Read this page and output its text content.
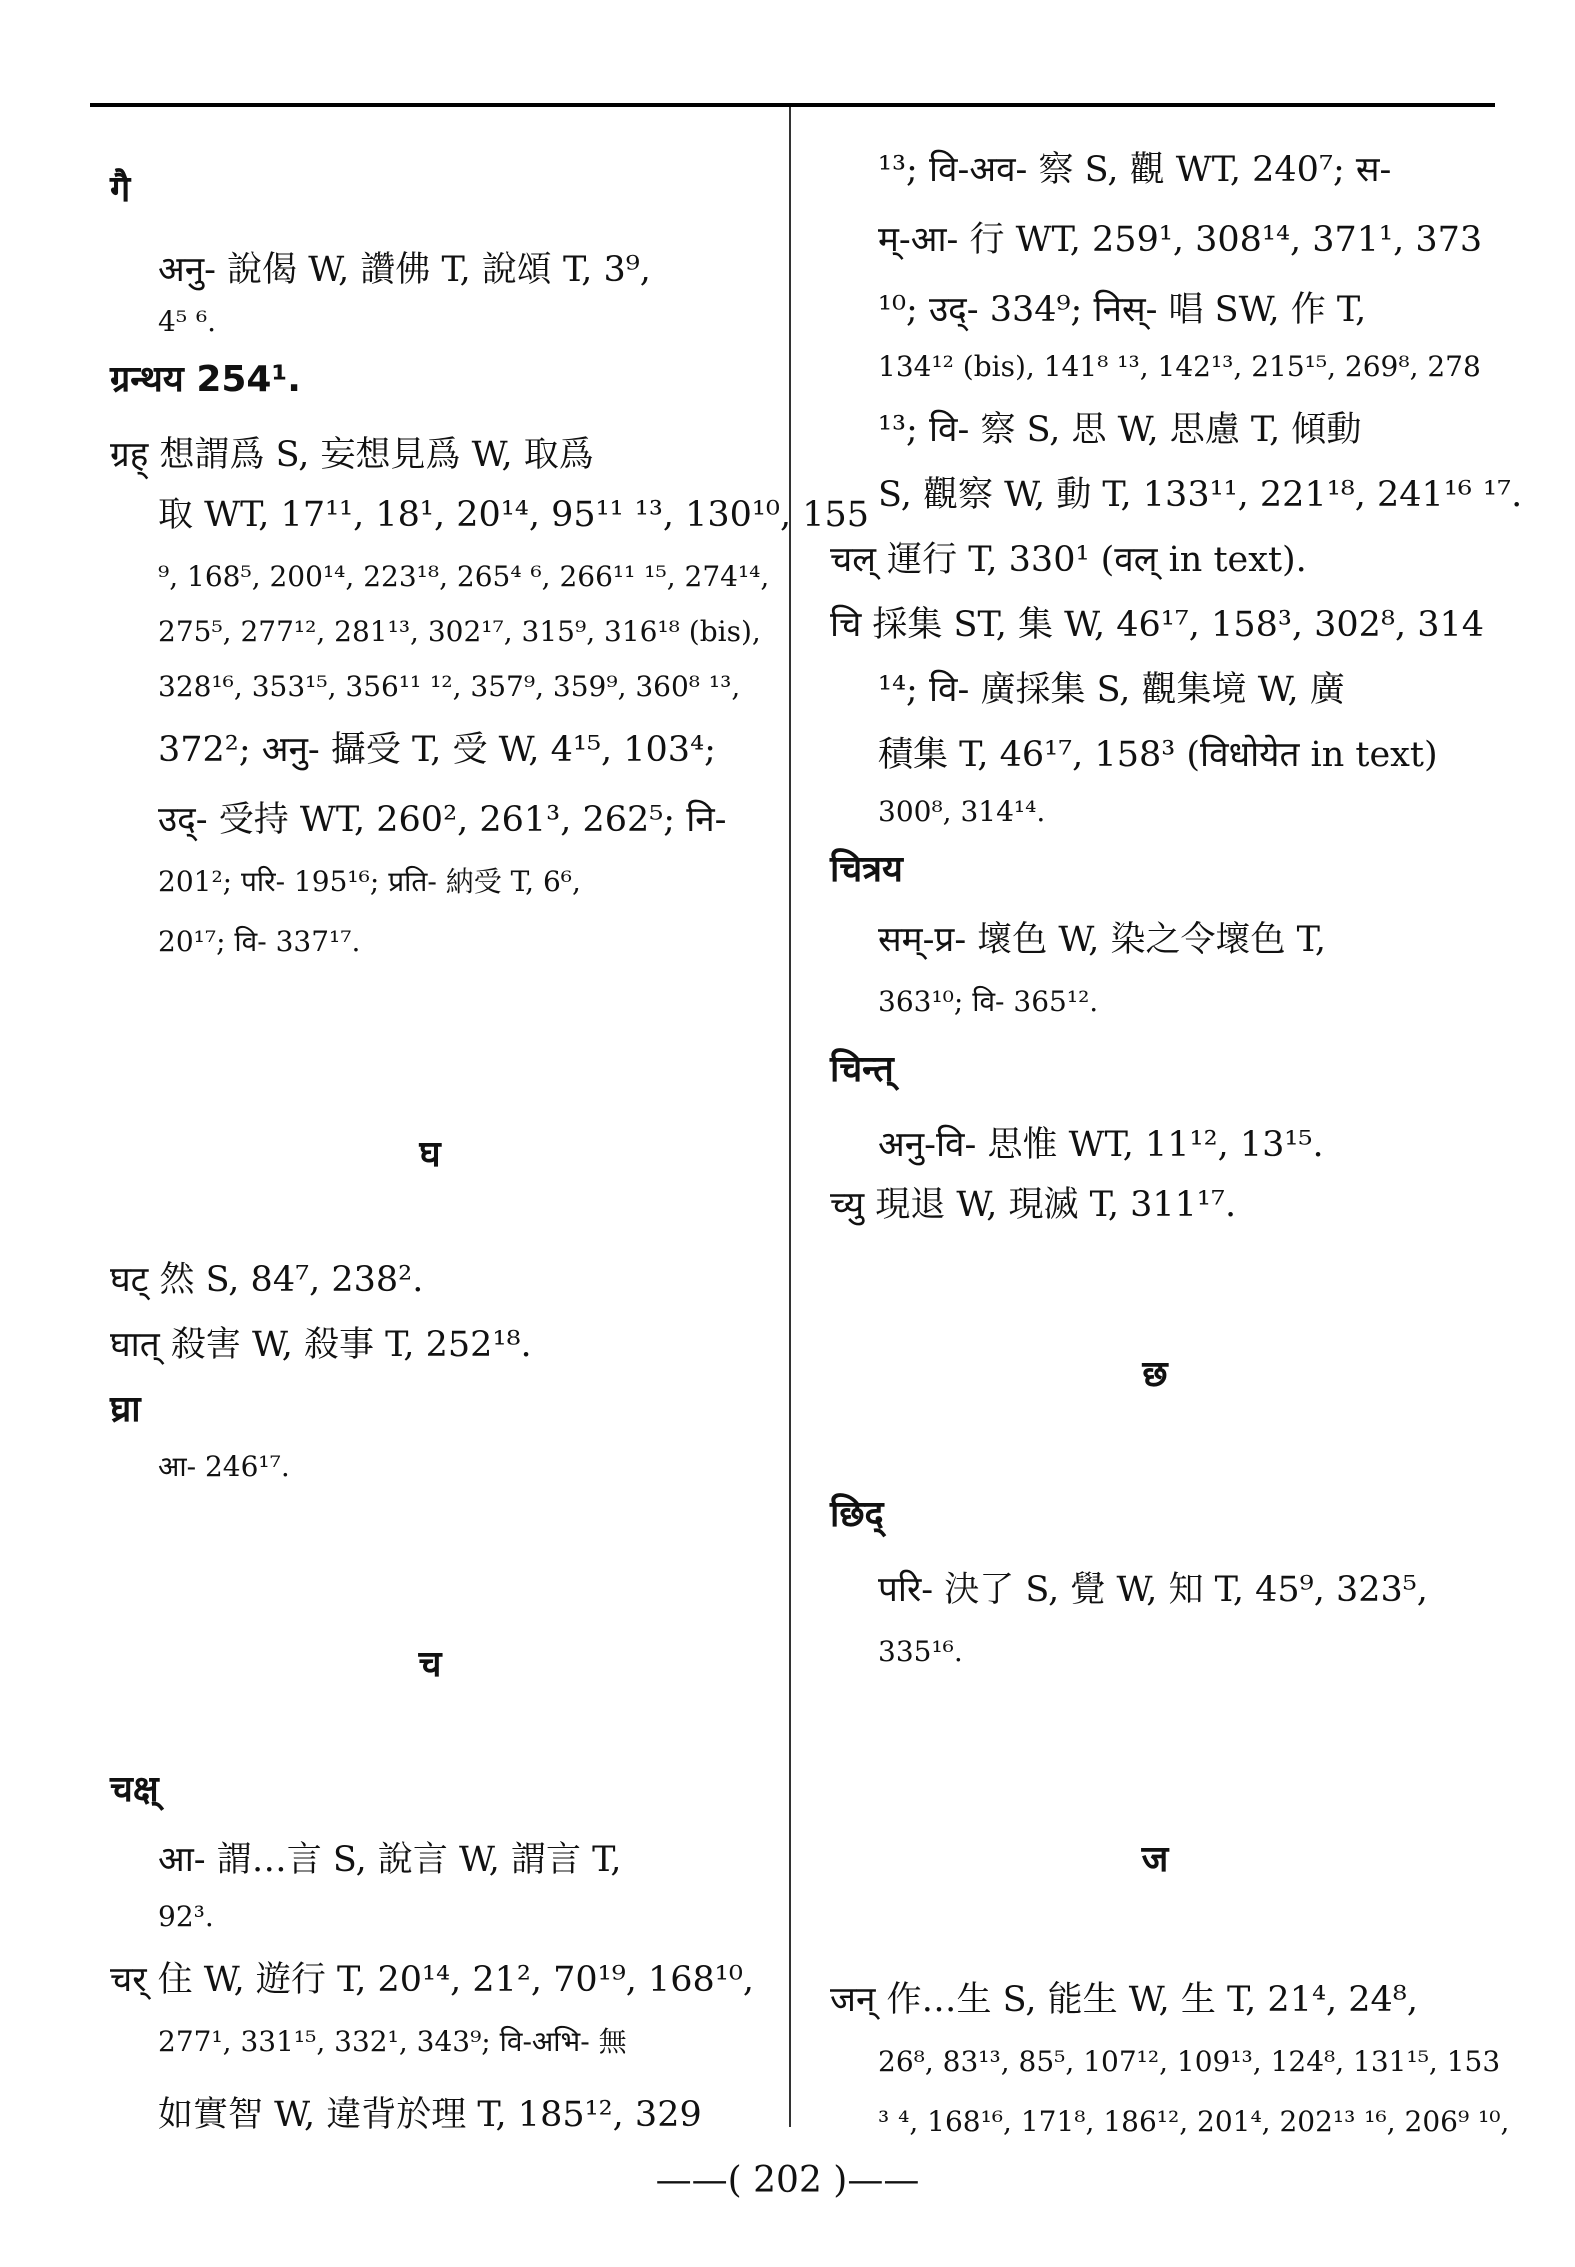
गै
अनु- 說偈 W, 讚佛 T, 說頌 T, 3⁹,
4⁵ ⁶.
ग्रन्थय 254¹.
ग्रह् 想謂爲 S, 妄想見爲 W, 取爲
取 WT, 17¹¹, 18¹, 20¹⁴, 95¹¹ ¹³, 130¹⁰, 155
⁹, 168⁵, 200¹⁴, 223¹⁸, 265⁴ ⁶, 266¹¹ ¹⁵, 274¹⁴,
275⁵, 277¹², 281¹³, 302¹⁷, 315⁹, 316¹⁸ (bis),
328¹⁶, 353¹⁵, 356¹¹ ¹², 357⁹, 359⁹, 360⁸ ¹³,
372²; अनु- 攝受 T, 受 W, 4¹⁵, 103⁴;
उद्- 受持 WT, 260², 261³, 262⁵; नि-
201²; परि- 195¹⁶; प्रति- 納受 T, 6⁶,
20¹⁷; वि- 337¹⁷.
घ
घट् 然 S, 84⁷, 238².
घात् 殺害 W, 殺事 T, 252¹⁸.
घ्रा
आ- 246¹⁷.
च
चक्ष्
आ- 謂…言 S, 說言 W, 謂言 T,
92³.
चर् 住 W, 遊行 T, 20¹⁴, 21², 70¹⁹, 168¹⁰,
277¹, 331¹⁵, 332¹, 343⁹; वि-अभि- 無
如實智 W, 違背於理 T, 185¹², 329
¹³; वि-अव- 察 S, 觀 WT, 240⁷; स-
म्-आ- 行 WT, 259¹, 308¹⁴, 371¹, 373
¹⁰; उद्- 334⁹; निस्- 唱 SW, 作 T,
134¹² (bis), 141⁸ ¹³, 142¹³, 215¹⁵, 269⁸, 278
¹³; वि- 察 S, 思 W, 思慮 T, 傾動
S, 觀察 W, 動 T, 133¹¹, 221¹⁸, 241¹⁶ ¹⁷.
चल् 運行 T, 330¹ (वल् in text).
चि 採集 ST, 集 W, 46¹⁷, 158³, 302⁸, 314
¹⁴; वि- 廣採集 S, 觀集境 W, 廣
積集 T, 46¹⁷, 158³ (विधोयेत in text)
300⁸, 314¹⁴.
चित्रय
सम्-प्र- 壞色 W, 染之令壞色 T,
363¹⁰; वि- 365¹².
चिन्त्
अनु-वि- 思惟 WT, 11¹², 13¹⁵.
च्यु 現退 W, 現滅 T, 311¹⁷.
छ
छिद्
परि- 決了 S, 覺 W, 知 T, 45⁹, 323⁵,
335¹⁶.
ज
जन् 作…生 S, 能生 W, 生 T, 21⁴, 24⁸,
26⁸, 83¹³, 85⁵, 107¹², 109¹³, 124⁸, 131¹⁵, 153
³ ⁴, 168¹⁶, 171⁸, 186¹², 201⁴, 202¹³ ¹⁶, 206⁹ ¹⁰,
——( 202 )——
